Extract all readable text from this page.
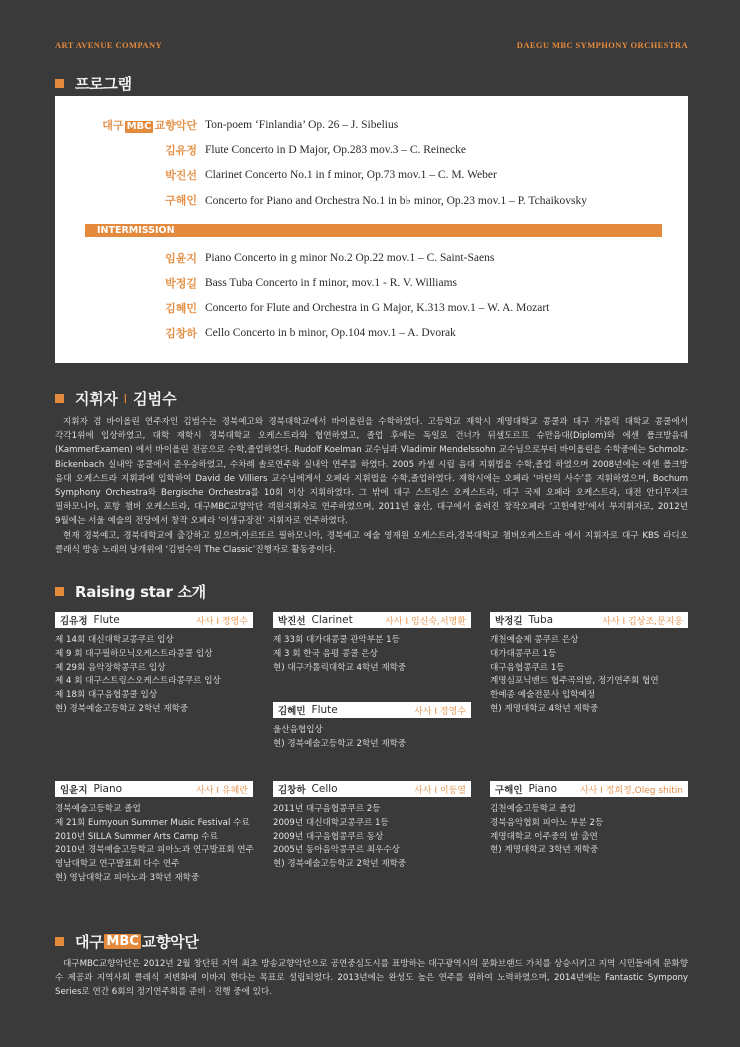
ART AVENUE COMPANY	DAEGU MBC SYMPHONY ORCHESTRA
프로그램
대구 MBC 교향악단 Ton-poem ‘Finlandia’ Op. 26 – J. Sibelius
김유정 Flute Concerto in D Major, Op.283 mov.3 – C. Reinecke
박진선 Clarinet Concerto No.1 in f minor, Op.73 mov.1 – C. M. Weber
구해인 Concerto for Piano and Orchestra No.1 in b♭ minor, Op.23 mov.1 – P. Tchaikovsky
INTERMISSION
임윤지 Piano Concerto in g minor No.2 Op.22 mov.1 – C. Saint-Saens
박정길 Bass Tuba Concerto in f minor, mov.1 - R. V. Williams
김혜민 Concerto for Flute and Orchestra in G Major, K.313 mov.1 – W. A. Mozart
김창하 Cello Concerto in b minor, Op.104 mov.1 – A. Dvorak
지휘자 I 김범수
지휘자 겸 바이올린 연주자인 김범수는 경북예고와 경북대학교에서 바이올린을 수학하였다. 고등학교 재학시 계명대학교 콩쿨과 대구 가톨릭 대학교 콩쿨에서 각각1위에 입상하였고, 대학 재학시 경북대학교 오케스트라와 협연하였고, 졸업 후에는 독일로 건너가 뒤셀도르프 슈만음대(Diplom)와 에센 폴크방음대 (KammerExamen) 에서 바이올린 전공으로 수학,졸업하였다. Rudolf Koelman 교수님과 Vladimir Mendelssohn 교수님으로부터 바이올린을 수학중에는 Schmolz-Bickenbach 실내악 콩쿨에서 준우승하였고, 수차례 솔로연주와 실내악 연주를 하였다. 2005 카셀 시립 음대 지휘법을 수학,졸업 하였으며 2008년에는 에센 폴크방 음대 오케스트라 지휘과에 입학하여 David de Villiers 교수님에게서 오페라 지휘법을 수학,졸업하였다. 재학시에는 오페라 ‘마탄의 사수’를 지휘하였으며, Bochum Symphony Orchestra와 Bergische Orchestra를 10회 이상 지휘하였다. 그 밖에 대구 스트링스 오케스트라, 대구 국제 오페라 오케스트라, 대전 안디무지크 필하모니아, 포항 챔버 오케스트라, 대구MBC교향악단 객원지휘자로 연주하였으며, 2011년 울산, 대구에서 올려진 창작오페라 ‘고헌예찬’에서 부지휘자로, 2012년 9월에는 서울 예술의 전당에서 창작 오페라 ‘이생규장전’ 지휘자로 연주하였다.
현재 경북예고, 경북대학교에 출강하고 있으며,아르또르 필하모니아, 경북예고 예술 영재원 오케스트라,경북대학교 챔버오케스트라 에서 지휘자로 대구 KBS 라디오 클래식 방송 노래의 날개위에 ‘김범수의 The Classic’진행자로 활동중이다.
Raising star 소개
김유정 Flute	사사 I 정영수
제 14회 대신대학교콩쿠르 입상
제 9 회 대구필하모닉오케스트라콩쿨 입상
제 29회 음악장학콩쿠르 입상
제 4 회 대구스트링스오케스트라콩쿠르 입상
제 18회 대구음협콩쿨 입상
현) 경북예술고등학교 2학년 재학중
박진선 Clarinet	사사 I 임신숙,서명환
제 33회 대가대콩쿨 관악부분 1등
제 3 회 한국 음평 콩쿨 은상
현) 대구가톨릭대학교 4학년 재학중
박정길 Tuba	사사 I 김상조,문지웅
개천예술제 콩쿠르 은상
대가대콩쿠르 1등
대구음협콩쿠르 1등
계명심포닉밴드 협주곡의밤, 정기연주회 협연
한예종 예술전문사 입학예정
현) 계명대학교 4학년 재학중
김혜민 Flute	사사 I 정영수
울산음협입상
현) 경북예술고등학교 2학년 재학중
임윤지 Piano	사사 I 유혜란
경북예술고등학교 졸업
제 21회 Eumyoun Summer Music Festival 수료
2010년 SILLA Summer Arts Camp 수료
2010년 경북예술고등학교 피아노과 연구발표회 연주
영남대학교 연구발표회 다수 연주
현) 영남대학교 피아노과 3학년 재학중
김창하 Cello	사사 I 이동열
2011년 대구음협콩쿠르 2등
2009년 대신대학교콩쿠르 1등
2009년 대구음협콩쿠르 동상
2005년 동아음악콩쿠르 최우수상
현) 경북예술고등학교 2학년 재학중
구해인 Piano	사사 I 정희정,Oleg shitin
김천예술고등학교 졸업
경북음악협회 피아노 부분 2등
계명대학교 이주중의 밤 출연
현) 계명대학교 3학년 재학중
대구 MBC 교향악단
대구MBC교향악단은 2012년 2월 창단된 지역 최초 방송교향악단으로 공연중심도시를 표방하는 대구광역시의 문화브랜드 가치를 상승시키고 지역 시민들에게 문화향수 제공과 지역사회 클래식 저변화에 이바지 한다는 목표로 설립되었다. 2013년에는 완성도 높은 연주를 위하여 노력하였으며, 2014년에는 Fantastic Sympony Series로 연간 6회의 정기연주회를 준비 · 진행 중에 있다.
